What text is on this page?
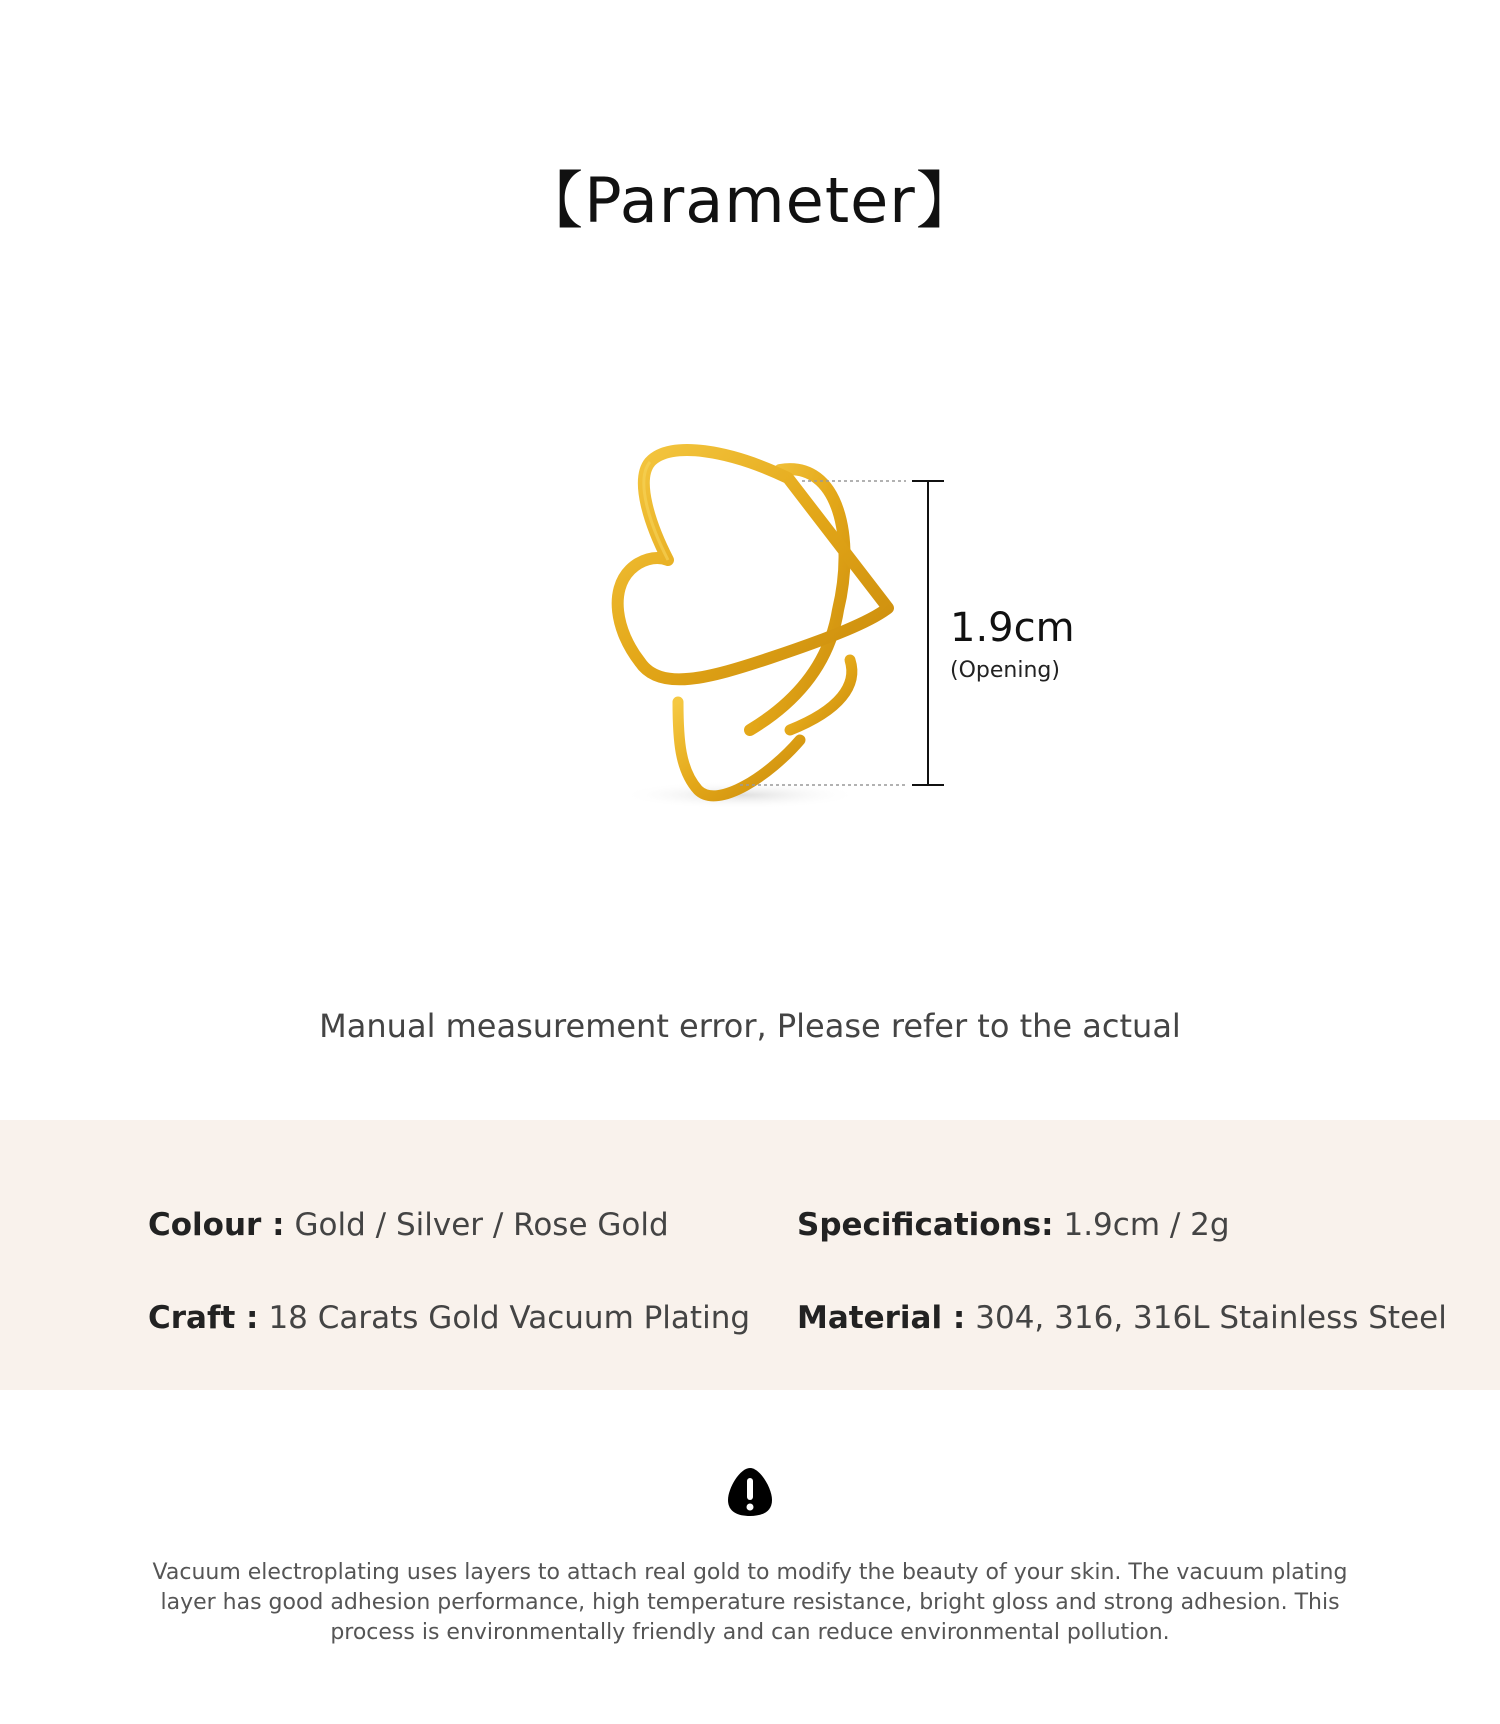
【Parameter】
1.9cm
(Opening)
Manual measurement error, Please refer to the actual
Colour : Gold / Silver / Rose Gold	Specifications: 1.9cm / 2g
Craft : 18 Carats Gold Vacuum Plating Material : 304, 316, 316L Stainless Steel
Vacuum electroplating uses layers to attach real gold to modify the beauty of your skin. The vacuum plating layer has good adhesion performance, high temperature resistance, bright gloss and strong adhesion. This process is environmentally friendly and can reduce environmental pollution.
